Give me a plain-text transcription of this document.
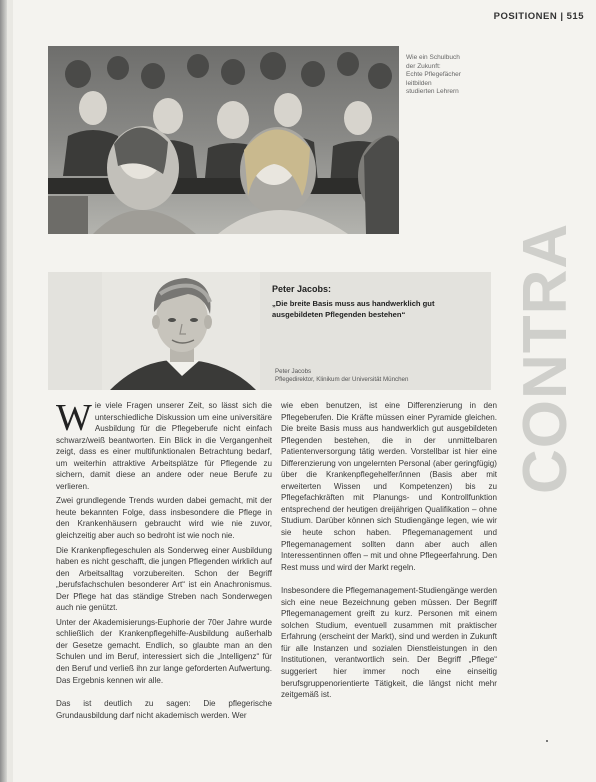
POSITIONEN | 515
Wie ein Schulbuch
der Zukunft:
Echte Pflegefächer
leitbilden
studierten Lehrern
Peter Jacobs:
„Die breite Basis muss aus handwerklich gut ausgebildeten Pflegenden bestehen“
Peter Jacobs
Pflegedirektor, Klinikum der Universität München CONTRA

Wie viele Fragen unserer Zeit, so lässt sich die unterschiedliche Diskussion um eine universitäre Ausbildung für die Pflegeberufe nicht einfach schwarz/weiß beantworten. Ein Blick in die Vergangenheit zeigt, dass es einer multifunktionalen Betrachtung bedarf, um weiterhin attraktive Arbeitsplätze für Pflegende zu sichern, damit diese an andere oder neue Berufe zu verlieren.

Zwei grundlegende Trends wurden dabei gemacht, mit der heute bekannten Folge, dass insbesondere die Pflege in den Krankenhäusern gebraucht wird wie nie zuvor, gleichzeitig aber auch so bedroht ist wie noch nie.

Die Krankenpflegeschulen als Sonderweg einer Ausbildung haben es nicht geschafft, die jungen Pflegenden wirklich auf den Arbeitsalltag vorzubereiten. Schon der Begriff „berufsfachschulen besonderer Art“ ist ein Anachronismus. Der Pflege hat das ständige Streben nach Sonderwegen auch nie genützt.

Unter der Akademisierungs-Euphorie der 70er Jahre wurde schließlich der Krankenpflegehilfe-Ausbildung außerhalb der Gesetze gemacht. Endlich, so glaubte man an den Schulen und im Beruf, interessiert sich die „Intelligenz“ für den Beruf und verließ ihn zur lange geforderten Aufwertung. Das Ergebnis kennen wir alle.

Das ist deutlich zu sagen: Die pflegerische Grundausbildung darf nicht akademisch werden. Wer

wie eben benutzen, ist eine Differenzierung in den Pflegeberufen. Die Kräfte müssen einer Pyramide gleichen. Die breite Basis muss aus handwerklich gut ausgebildeten Pflegenden bestehen, die in der unmittelbaren Patientenversorgung tätig werden. Vorstellbar ist hier eine Differenzierung von ungelernten Personal (aber geringfügig) über die Krankenpflegehelfer/innen (Basis aber mit erweiterten Wissen und Kompetenzen) bis zu Pflegefachkräften mit Planungs- und Kontrollfunktion entsprechend der heutigen dreijährigen Qualifikation – ohne Studium. Darüber können sich Studiengänge legen, wie wir sie heute schon haben. Pflegemanagement und Pflegemanagement sollten dann aber auch allen Interessentinnen offen – mit und ohne Pflegeerfahrung. Den Rest muss und wird der Markt regeln.

Insbesondere die Pflegemanagement-Studiengänge werden sich eine neue Bezeichnung geben müssen. Der Begriff Pflegemanagement greift zu kurz. Personen mit einem solchen Studium, eventuell zusammen mit praktischer Erfahrung (erscheint der Markt), sind und werden in Zukunft für alle Instanzen und sozialen Dienstleistungen in den Institutionen, verantwortlich sein. Der Begriff „Pflege“ suggeriert hier immer noch eine einseitig berufsgruppenorientierte Tätigkeit, die längst nicht mehr zeitgemäß ist.
